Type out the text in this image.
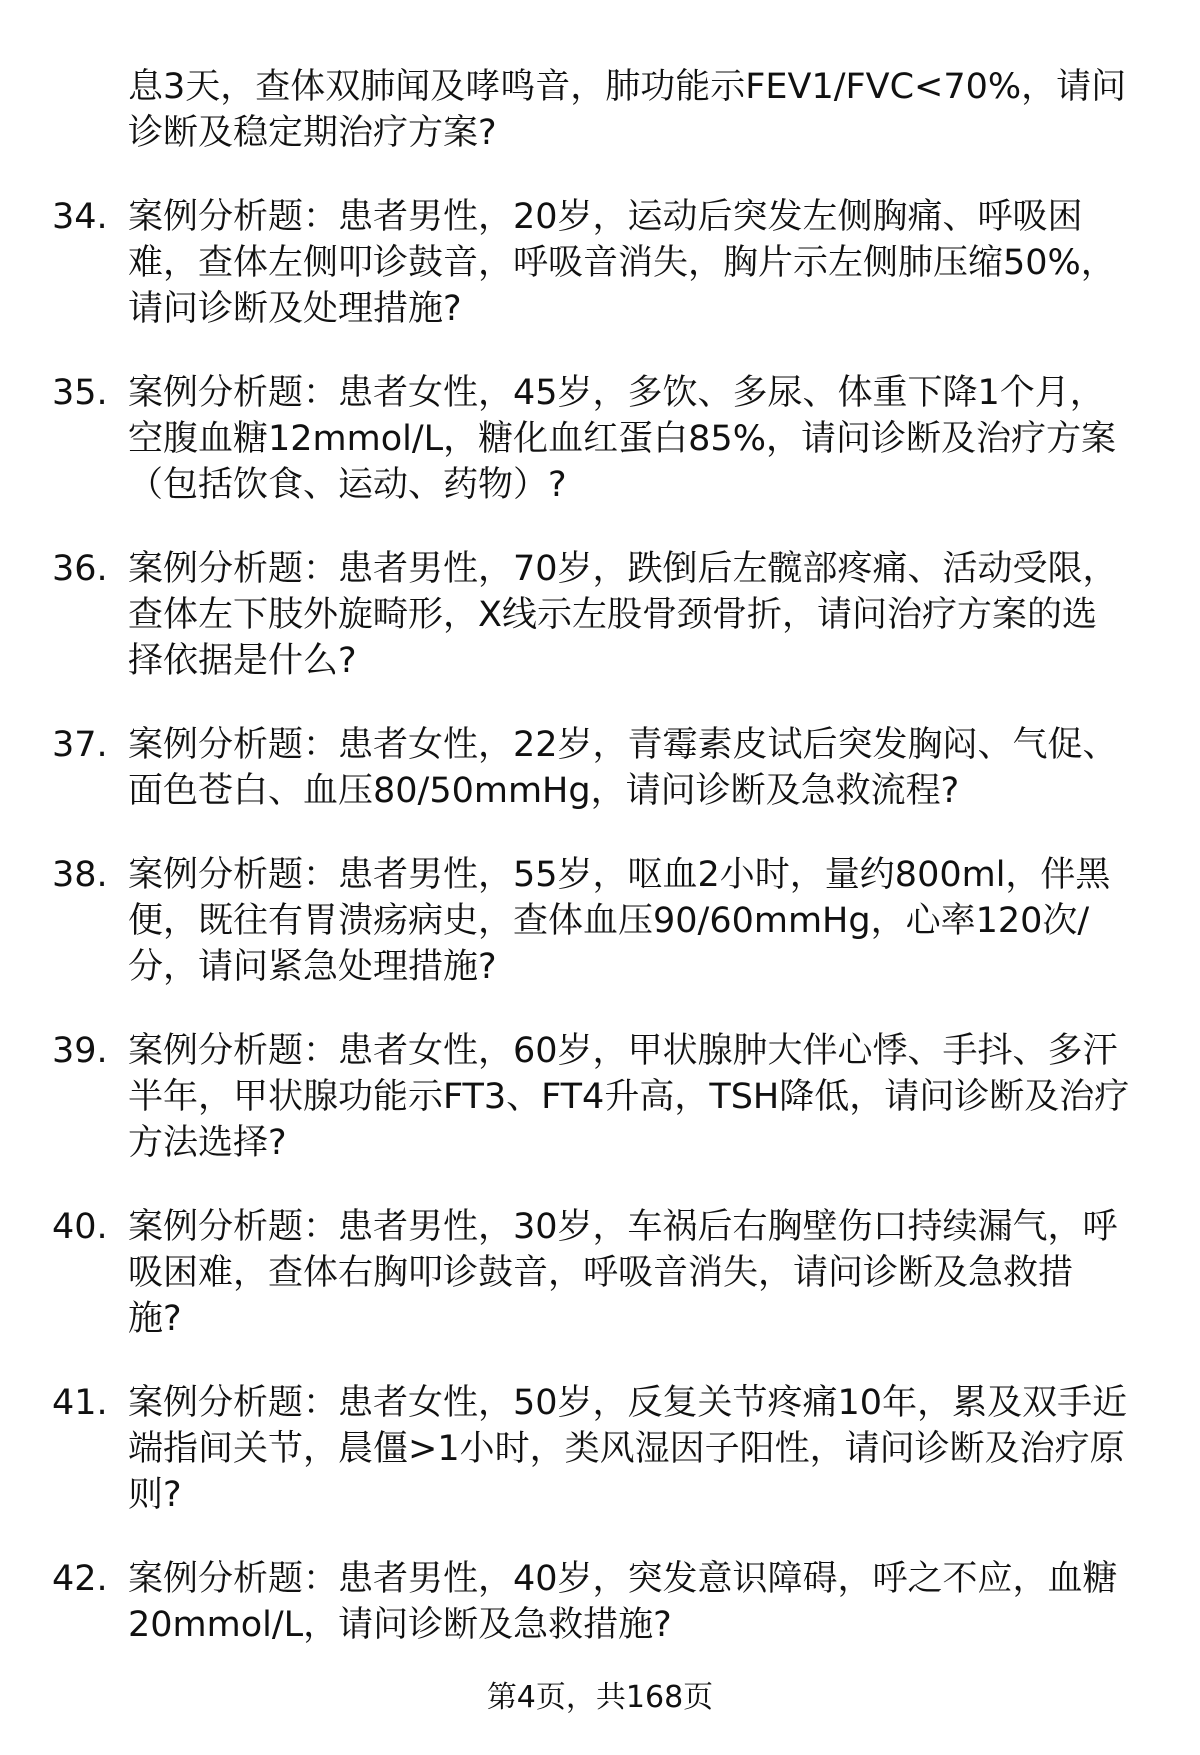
息3天，查体双肺闻及哮鸣音，肺功能示FEV1/FVC<70%，请问
诊断及稳定期治疗方案?
34. 案例分析题：患者男性，20岁，运动后突发左侧胸痛、呼吸困
难，查体左侧叩诊鼓音，呼吸音消失，胸片示左侧肺压缩50%，
请问诊断及处理措施?
35. 案例分析题：患者女性，45岁，多饮、多尿、体重下降1个月，
空腹血糖12mmol/L，糖化血红蛋白85%，请问诊断及治疗方案
（包括饮食、运动、药物）?
36. 案例分析题：患者男性，70岁，跌倒后左髋部疼痛、活动受限，
查体左下肢外旋畸形，X线示左股骨颈骨折，请问治疗方案的选
择依据是什么?
37. 案例分析题：患者女性，22岁，青霉素皮试后突发胸闷、气促、
面色苍白、血压80/50mmHg，请问诊断及急救流程?
38. 案例分析题：患者男性，55岁，呕血2小时，量约800ml，伴黑
便，既往有胃溃疡病史，查体血压90/60mmHg，心率120次/
分，请问紧急处理措施?
39. 案例分析题：患者女性，60岁，甲状腺肿大伴心悸、手抖、多汗
半年，甲状腺功能示FT3、FT4升高，TSH降低，请问诊断及治疗
方法选择?
40. 案例分析题：患者男性，30岁，车祸后右胸壁伤口持续漏气，呼
吸困难，查体右胸叩诊鼓音，呼吸音消失，请问诊断及急救措
施?
41. 案例分析题：患者女性，50岁，反复关节疼痛10年，累及双手近
端指间关节，晨僵>1小时，类风湿因子阳性，请问诊断及治疗原
则?
42. 案例分析题：患者男性，40岁，突发意识障碍，呼之不应，血糖
20mmol/L，请问诊断及急救措施?
第4页，共168页
